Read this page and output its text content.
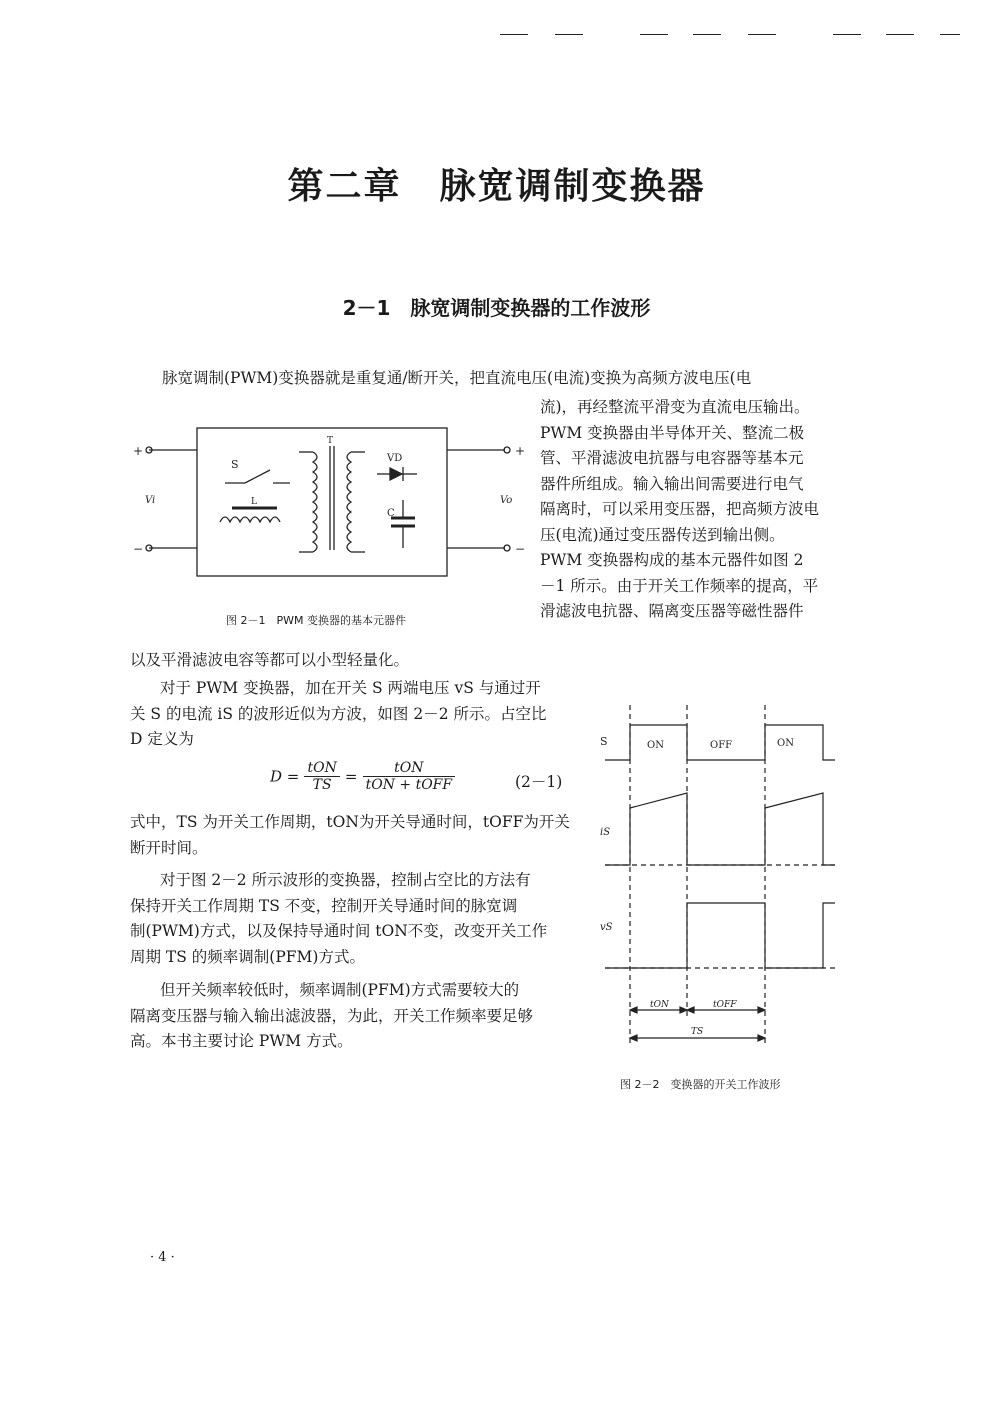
第二章　脉宽调制变换器
2－1　脉宽调制变换器的工作波形
脉宽调制(PWM)变换器就是重复通/断开关，把直流电压(电流)变换为高频方波电压(电
流)，再经整流平滑变为直流电压输出。
PWM 变换器由半导体开关、整流二极
管、平滑滤波电抗器与电容器等基本元
器件所组成。输入输出间需要进行电气
隔离时，可以采用变压器，把高频方波电
压(电流)通过变压器传送到输出侧。
PWM 变换器构成的基本元器件如图 2
－1 所示。由于开关工作频率的提高，平
滑滤波电抗器、隔离变压器等磁性器件
以及平滑滤波电容等都可以小型轻量化。
+
−
+
−
Vi	Vo
S
L
T
VD
C
图 2－1　PWM 变换器的基本元器件
对于 PWM 变换器，加在开关 S 两端电压 vS 与通过开
关 S 的电流 iS 的波形近似为方波，如图 2－2 所示。占空比
D 定义为
$D = \frac{\text{tON}}{TS} = \frac{\text{tON}}{\text{tON + tOFF}}$	(2－1)
式中，TS 为开关工作周期，tON为开关导通时间，tOFF为开关
断开时间。
对于图 2－2 所示波形的变换器，控制占空比的方法有
保持开关工作周期 TS 不变，控制开关导通时间的脉宽调
制(PWM)方式，以及保持导通时间 tON不变，改变开关工作
周期 TS 的频率调制(PFM)方式。
但开关频率较低时，频率调制(PFM)方式需要较大的
隔离变压器与输入输出滤波器，为此，开关工作频率要足够
高。本书主要讨论 PWM 方式。
S	ON	OFF	ON
iS
vS
tON	tOFF
TS
图 2－2　变换器的开关工作波形
· 4 ·
